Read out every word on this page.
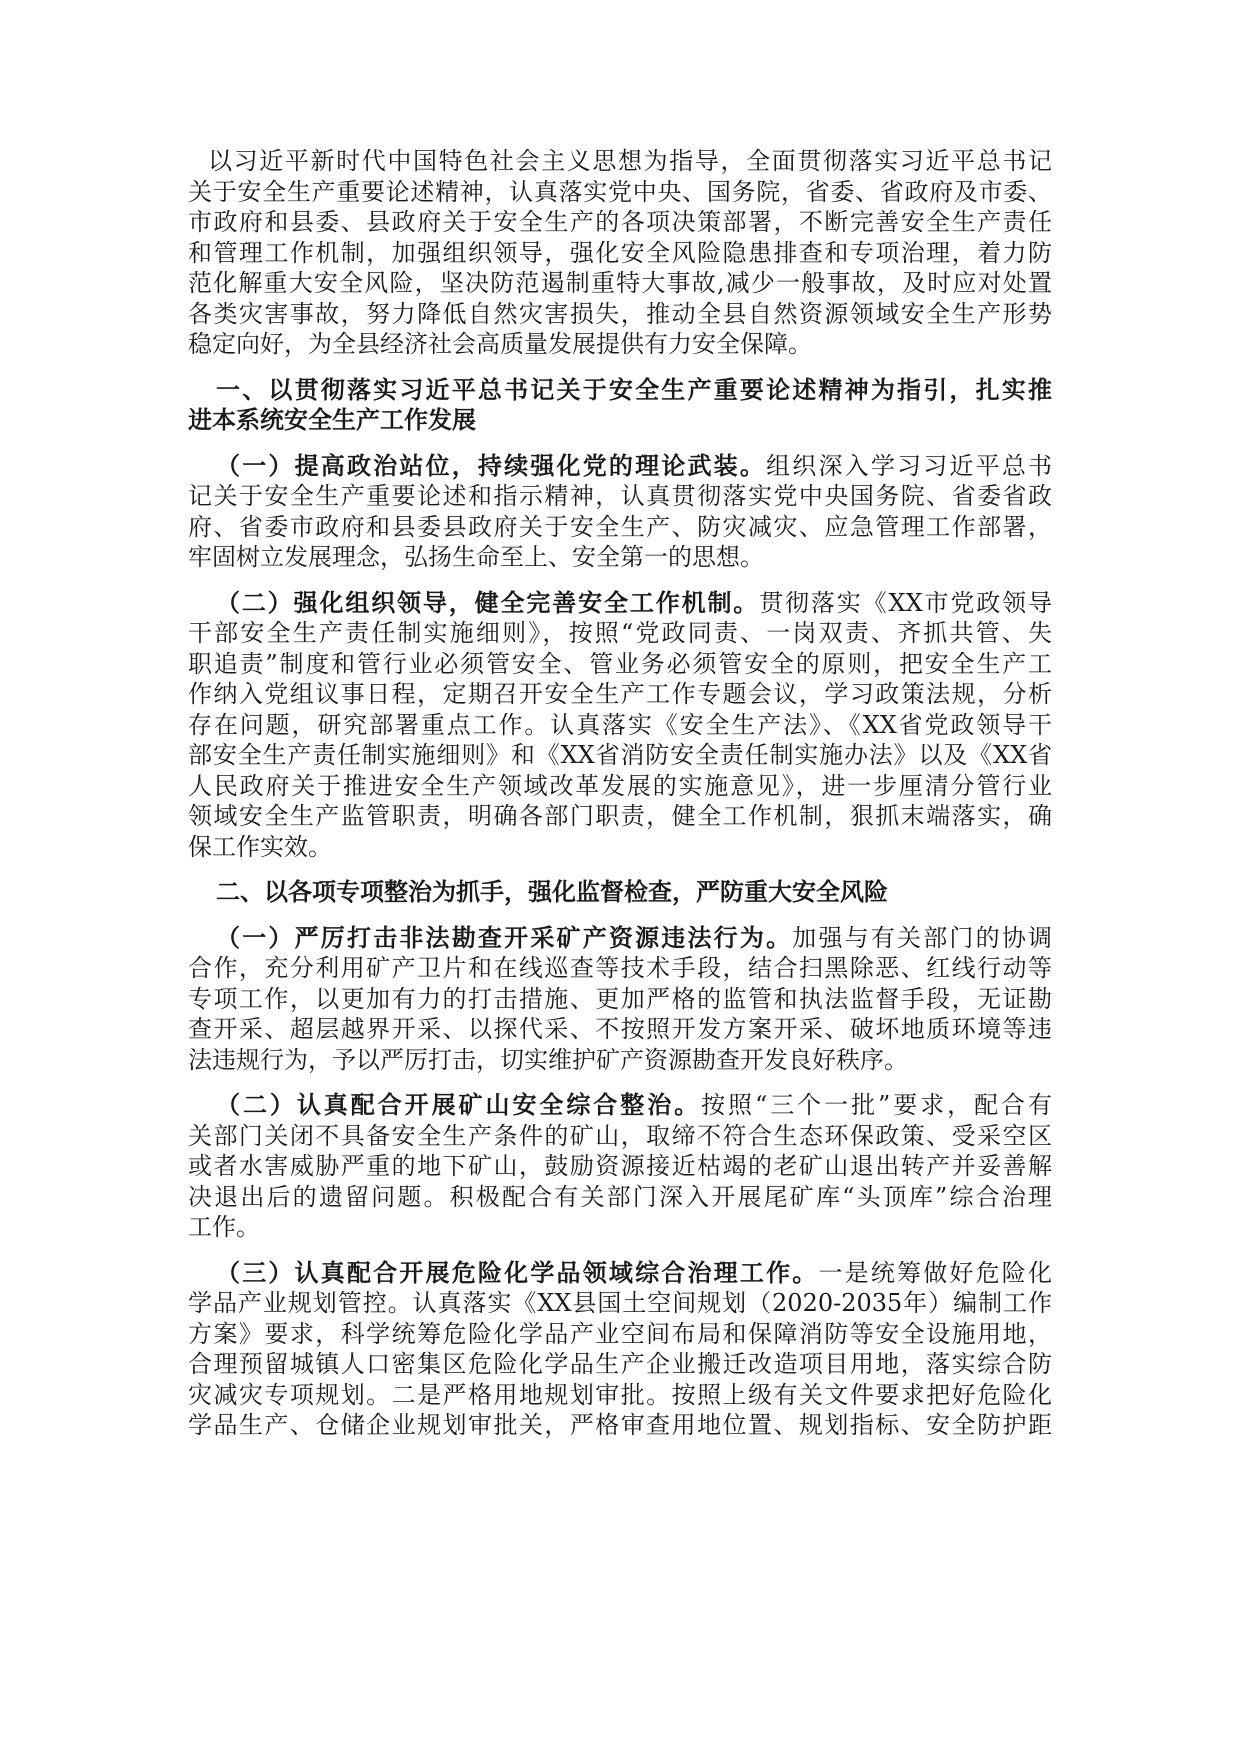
以习近平新时代中国特色社会主义思想为指导，全面贯彻落实习近平总书记
关于安全生产重要论述精神，认真落实党中央、国务院，省委、省政府及市委、
市政府和县委、县政府关于安全生产的各项决策部署，不断完善安全生产责任
和管理工作机制，加强组织领导，强化安全风险隐患排查和专项治理，着力防
范化解重大安全风险，坚决防范遏制重特大事故,减少一般事故，及时应对处置
各类灾害事故，努力降低自然灾害损失，推动全县自然资源领域安全生产形势
稳定向好，为全县经济社会高质量发展提供有力安全保障。
一、以贯彻落实习近平总书记关于安全生产重要论述精神为指引，扎实推
进本系统安全生产工作发展
（一）提高政治站位，持续强化党的理论武装。组织深入学习习近平总书
记关于安全生产重要论述和指示精神，认真贯彻落实党中央国务院、省委省政
府、省委市政府和县委县政府关于安全生产、防灾减灾、应急管理工作部署，
牢固树立发展理念，弘扬生命至上、安全第一的思想。
（二）强化组织领导，健全完善安全工作机制。贯彻落实《XX市党政领导
干部安全生产责任制实施细则》，按照“党政同责、一岗双责、齐抓共管、失
职追责”制度和管行业必须管安全、管业务必须管安全的原则，把安全生产工
作纳入党组议事日程，定期召开安全生产工作专题会议，学习政策法规，分析
存在问题，研究部署重点工作。认真落实《安全生产法》、《XX省党政领导干
部安全生产责任制实施细则》和《XX省消防安全责任制实施办法》以及《XX省
人民政府关于推进安全生产领域改革发展的实施意见》，进一步厘清分管行业
领域安全生产监管职责，明确各部门职责，健全工作机制，狠抓末端落实，确
保工作实效。
二、以各项专项整治为抓手，强化监督检查，严防重大安全风险
（一）严厉打击非法勘查开采矿产资源违法行为。加强与有关部门的协调
合作，充分利用矿产卫片和在线巡查等技术手段，结合扫黑除恶、红线行动等
专项工作，以更加有力的打击措施、更加严格的监管和执法监督手段，无证勘
查开采、超层越界开采、以探代采、不按照开发方案开采、破坏地质环境等违
法违规行为，予以严厉打击，切实维护矿产资源勘查开发良好秩序。
（二）认真配合开展矿山安全综合整治。按照“三个一批”要求，配合有
关部门关闭不具备安全生产条件的矿山，取缔不符合生态环保政策、受采空区
或者水害威胁严重的地下矿山，鼓励资源接近枯竭的老矿山退出转产并妥善解
决退出后的遗留问题。积极配合有关部门深入开展尾矿库“头顶库”综合治理
工作。
（三）认真配合开展危险化学品领域综合治理工作。一是统筹做好危险化
学品产业规划管控。认真落实《XX县国土空间规划（2020-2035年）编制工作
方案》要求，科学统筹危险化学品产业空间布局和保障消防等安全设施用地，
合理预留城镇人口密集区危险化学品生产企业搬迁改造项目用地，落实综合防
灾减灾专项规划。二是严格用地规划审批。按照上级有关文件要求把好危险化
学品生产、仓储企业规划审批关，严格审查用地位置、规划指标、安全防护距
